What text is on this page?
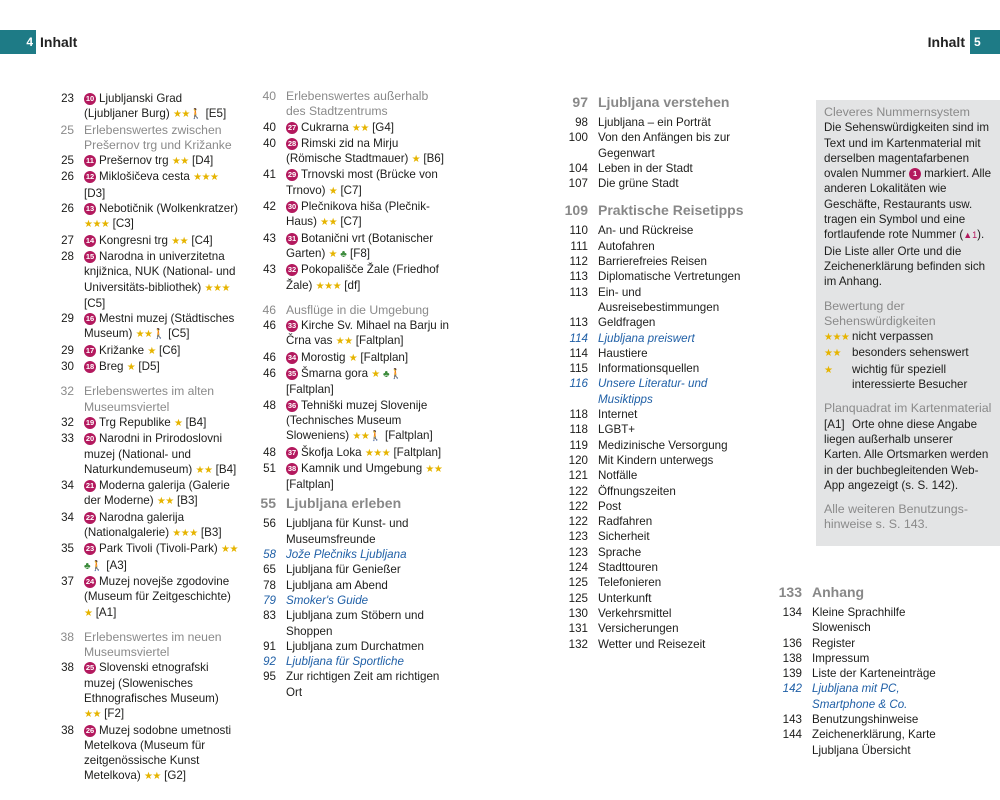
4 Inhalt	Inhalt 5
23	10 Ljubljanski Grad (Ljubljaner Burg) ★★🚶 [E5]
25 Erlebenswertes zwischen Prešernov trg und Križanke
25	11 Prešernov trg ★★ [D4]
26	12 Miklošičeva cesta ★★★ [D3]
26	13 Nebotičnik (Wolkenkratzer) ★★★ [C3]
27	14 Kongresni trg ★★ [C4]
28	15 Narodna in univerzitetna knjižnica, NUK (National- und Universitäts-bibliothek) ★★★ [C5]
29	16 Mestni muzej (Städtisches Museum) ★★🚶 [C5]
29	17 Križanke ★ [C6]
30	18 Breg ★ [D5]
32 Erlebenswertes im alten Museumsviertel
32	19 Trg Republike ★ [B4]
33	20 Narodni in Prirodoslovni muzej (National- und Naturkundemuseum) ★★ [B4]
34	21 Moderna galerija (Galerie der Moderne) ★★ [B3]
34	22 Narodna galerija (Nationalgalerie) ★★★ [B3]
35	23 Park Tivoli (Tivoli-Park) ★★ ♣🚶 [A3]
37	24 Muzej novejše zgodovine (Museum für Zeitgeschichte) ★ [A1]
38 Erlebenswertes im neuen Museumsviertel
38	25 Slovenski etnografski muzej (Slowenisches Ethnografisches Museum) ★★ [F2]
38	26 Muzej sodobne umetnosti Metelkova (Museum für zeitgenössische Kunst Metelkova) ★★ [G2]
40 Erlebenswertes außerhalb des Stadtzentrums
40	27 Cukrarna ★★ [G4]
40	28 Rimski zid na Mirju (Römische Stadtmauer) ★ [B6]
41	29 Trnovski most (Brücke von Trnovo) ★ [C7]
42	30 Plečnikova hiša (Plečnik-Haus) ★★ [C7]
43	31 Botanični vrt (Botanischer Garten) ★ ♣ [F8]
43	32 Pokopališče Žale (Friedhof Žale) ★★★ [df]
46 Ausflüge in die Umgebung
46	33 Kirche Sv. Mihael na Barju in Črna vas ★★ [Faltplan]
46	34 Morostig ★ [Faltplan]
46	35 Šmarna gora ★ ♣🚶 [Faltplan]
48	36 Tehniški muzej Slovenije (Technisches Museum Sloweniens) ★★🚶 [Faltplan]
48	37 Škofja Loka ★★★ [Faltplan]
51	38 Kamnik und Umgebung ★★ [Faltplan]
55 Ljubljana erleben
56 Ljubljana für Kunst- und Museumsfreunde
58 Jože Plečniks Ljubljana
65 Ljubljana für Genießer
78 Ljubljana am Abend
79 Smoker's Guide
83 Ljubljana zum Stöbern und Shoppen
91 Ljubljana zum Durchatmen
92 Ljubljana für Sportliche
95 Zur richtigen Zeit am richtigen Ort
97 Ljubljana verstehen
98 Ljubljana – ein Porträt
100 Von den Anfängen bis zur Gegenwart
104 Leben in der Stadt
107 Die grüne Stadt
109 Praktische Reisetipps
110 An- und Rückreise
111 Autofahren
112 Barrierefreies Reisen
113 Diplomatische Vertretungen
113 Ein- und Ausreisebestimmungen
113 Geldfragen
114 Ljubljana preiswert
114 Haustiere
115 Informationsquellen
116 Unsere Literatur- und Musiktipps
118 Internet
118 LGBT+
119 Medizinische Versorgung
120 Mit Kindern unterwegs
121 Notfälle
122 Öffnungszeiten
122 Post
122 Radfahren
123 Sicherheit
123 Sprache
124 Stadttouren
125 Telefonieren
125 Unterkunft
130 Verkehrsmittel
131 Versicherungen
132 Wetter und Reisezeit
133 Anhang
134 Kleine Sprachhilfe Slowenisch
136 Register
138 Impressum
139 Liste der Karteneinträge
142 Ljubljana mit PC, Smartphone & Co.
143 Benutzungshinweise
144 Zeichenerklärung, Karte Ljubljana Übersicht
Cleveres Nummernsystem
Die Sehenswürdigkeiten sind im Text und im Kartenmaterial mit derselben magentafarbenen ovalen Nummer 1 markiert. Alle anderen Lokalitäten wie Geschäfte, Restaurants usw. tragen ein Symbol und eine fortlaufende rote Nummer (▲1). Die Liste aller Orte und die Zeichenerklärung befinden sich im Anhang.
Bewertung der Sehenswürdigkeiten
★★★ nicht verpassen
★★ besonders sehenswert
★	wichtig für speziell interessierte Besucher
Planquadrat im Kartenmaterial
[A1] Orte ohne diese Angabe liegen außerhalb unserer Karten. Alle Ortsmarken werden in der buchbegleitenden Web-App angezeigt (s. S. 142).
Alle weiteren Benutzungs-hinweise s. S. 143.
